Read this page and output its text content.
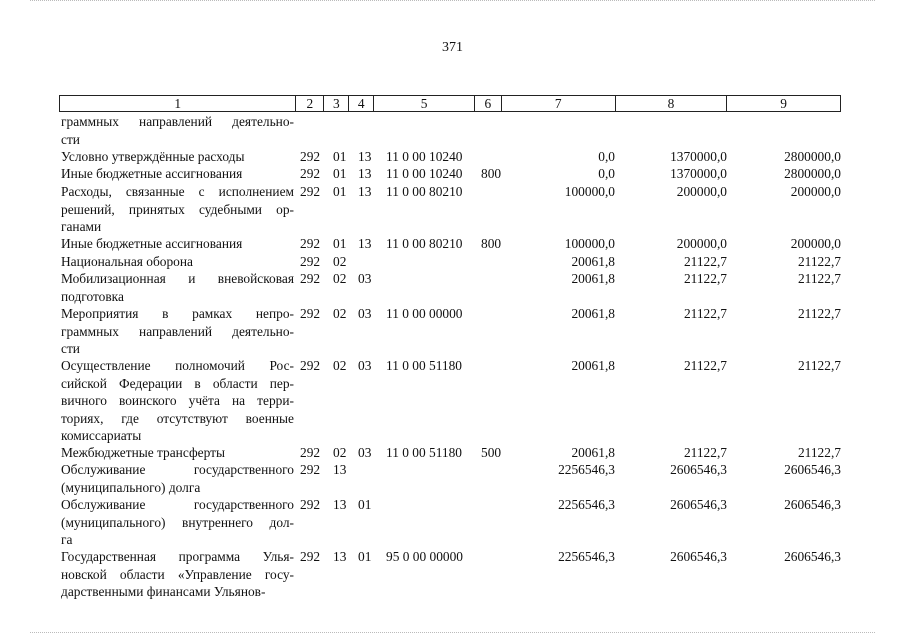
371
1	2	3	4	5	6	7	8	9
граммных направлений деятельно-
сти
Условно утверждённые расходы	292 01 13 11 0 00 10240	0,0	1370000,0	2800000,0
Иные бюджетные ассигнования	292 01 13 11 0 00 10240 800	0,0	1370000,0	2800000,0
Расходы, связанные с исполнением
решений, принятых судебными ор-
ганами
292 01 13 11 0 00 80210	100000,0	200000,0	200000,0
Иные бюджетные ассигнования	292 01 13 11 0 00 80210 800	100000,0	200000,0	200000,0
Национальная оборона	292 02	20061,8	21122,7	21122,7
Мобилизационная и вневойсковая
подготовка
292 02 03	20061,8	21122,7	21122,7
Мероприятия в рамках непро-
граммных направлений деятельно-
сти
292 02 03 11 0 00 00000	20061,8	21122,7	21122,7
Осуществление полномочий Рос-
сийской Федерации в области пер-
вичного воинского учёта на терри-
ториях, где отсутствуют военные
комиссариаты
292 02 03 11 0 00 51180	20061,8	21122,7	21122,7
Межбюджетные трансферты	292 02 03 11 0 00 51180 500	20061,8	21122,7	21122,7
Обслуживание государственного
(муниципального) долга
292 13	2256546,3	2606546,3	2606546,3
Обслуживание государственного
(муниципального) внутреннего дол-
га
292 13 01	2256546,3	2606546,3	2606546,3
Государственная программа Улья-
новской области «Управление госу-
дарственными финансами Ульянов-
292 13 01 95 0 00 00000	2256546,3	2606546,3	2606546,3
